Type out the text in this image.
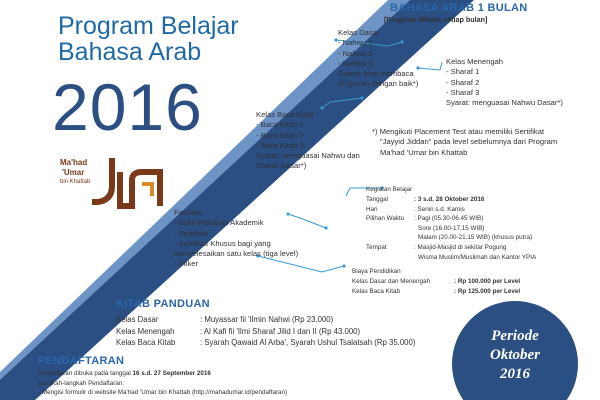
Program Belajar
Bahasa Arab
2016
Ma'had
'Umar
bin Khattab
BAHASA ARAB 1 BULAN
[Program dibuka setiap bulan]
Kelas Dasar
- Nahwu 1
- Nahwu 2
- Nahwu 3
Syarat: bisa membaca
Al Qur'an dengan baik*)
Kelas Menengah
- Sharaf 1
- Sharaf 2
- Sharaf 3
Syarat: menguasai Nahwu Dasar*)
Kelas Baca Kitab
- Baca Kitab 1
- Baca Kitab 2
- Baca Kitab 3
Syarat: menguasai Nahwu dan
Sharaf Dasar*)
*) Mengikuti Placement Test atau memiliki Sertifikat
"Jayyid Jiddan" pada level sebelumnya dari Program
Ma'had 'Umar bin Khattab
Kegiatan Belajar
Tanggal	: 3 s.d. 28 Oktober 2016
Hari	: Senin s.d. Kamis
Pilihan Waktu	: Pagi (05.30-06.45 WIB)
Sore (16.00-17.15 WIB)
Malam (20.00-21.15 WIB) (khusus putra)
Tempat	: Masjid-Masjid di sekitar Pogung
Wisma Muslim/Muslimah dan Kantor YPIA
Fasilitas
- Buku Panduan Akademik
- Sertifikat
- Sertifikat Khusus bagi yang
menyelesaikan satu kelas (tiga level)
- Stiker
Biaya Pendidikan
Kelas Dasar dan Menengah	: Rp 100.000 per Level
Kelas Baca Kitab	: Rp 125.000 per Level
KITAB PANDUAN
Kelas Dasar	: Muyassar fii 'Ilmin Nahwi (Rp 23.000)
Kelas Menengah	: Al Kafi fii 'Ilmi Sharaf Jilid I dan II (Rp 43.000)
Kelas Baca Kitab	: Syarah Qawaid Al Arba', Syarah Ushul Tsalatsah (Rp 35.000)
PENDAFTARAN
Pendaftaran dibuka pada tanggal 16 s.d. 27 September 2016
Langkah-langkah Pendaftaran:
- Mengisi formulir di website Ma'had 'Umar bin Khattab (http://mahadumar.id/pendaftaran)
Periode
Oktober
2016
